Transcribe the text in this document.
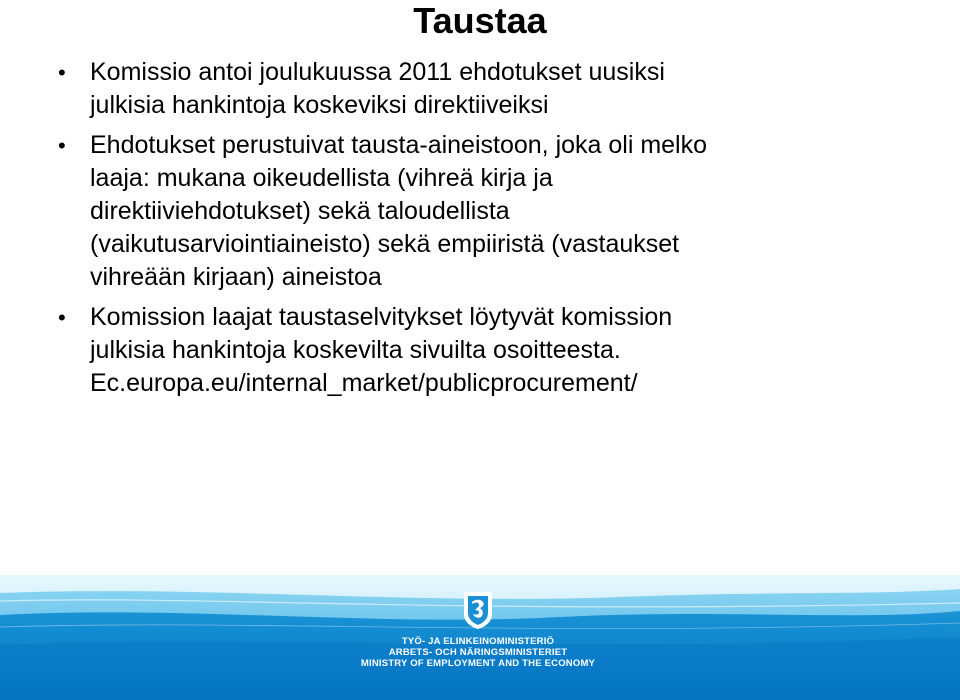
Taustaa
• Komissio antoi joulukuussa 2011 ehdotukset uusiksi
julkisia hankintoja koskeviksi direktiiveiksi
• Ehdotukset perustuivat tausta-aineistoon, joka oli melko
laaja: mukana oikeudellista (vihreä kirja ja
direktiiviehdotukset) sekä taloudellista
(vaikutusarviointiaineisto) sekä empiiristä (vastaukset
vihreään kirjaan) aineistoa
• Komission laajat taustaselvitykset löytyvät komission
julkisia hankintoja koskevilta sivuilta osoitteesta.
Ec.europa.eu/internal_market/publicprocurement/
TYÖ- JA ELINKEINOMINISTERIÖ
ARBETS- OCH NÄRINGSMINISTERIET
MINISTRY OF EMPLOYMENT AND THE ECONOMY
